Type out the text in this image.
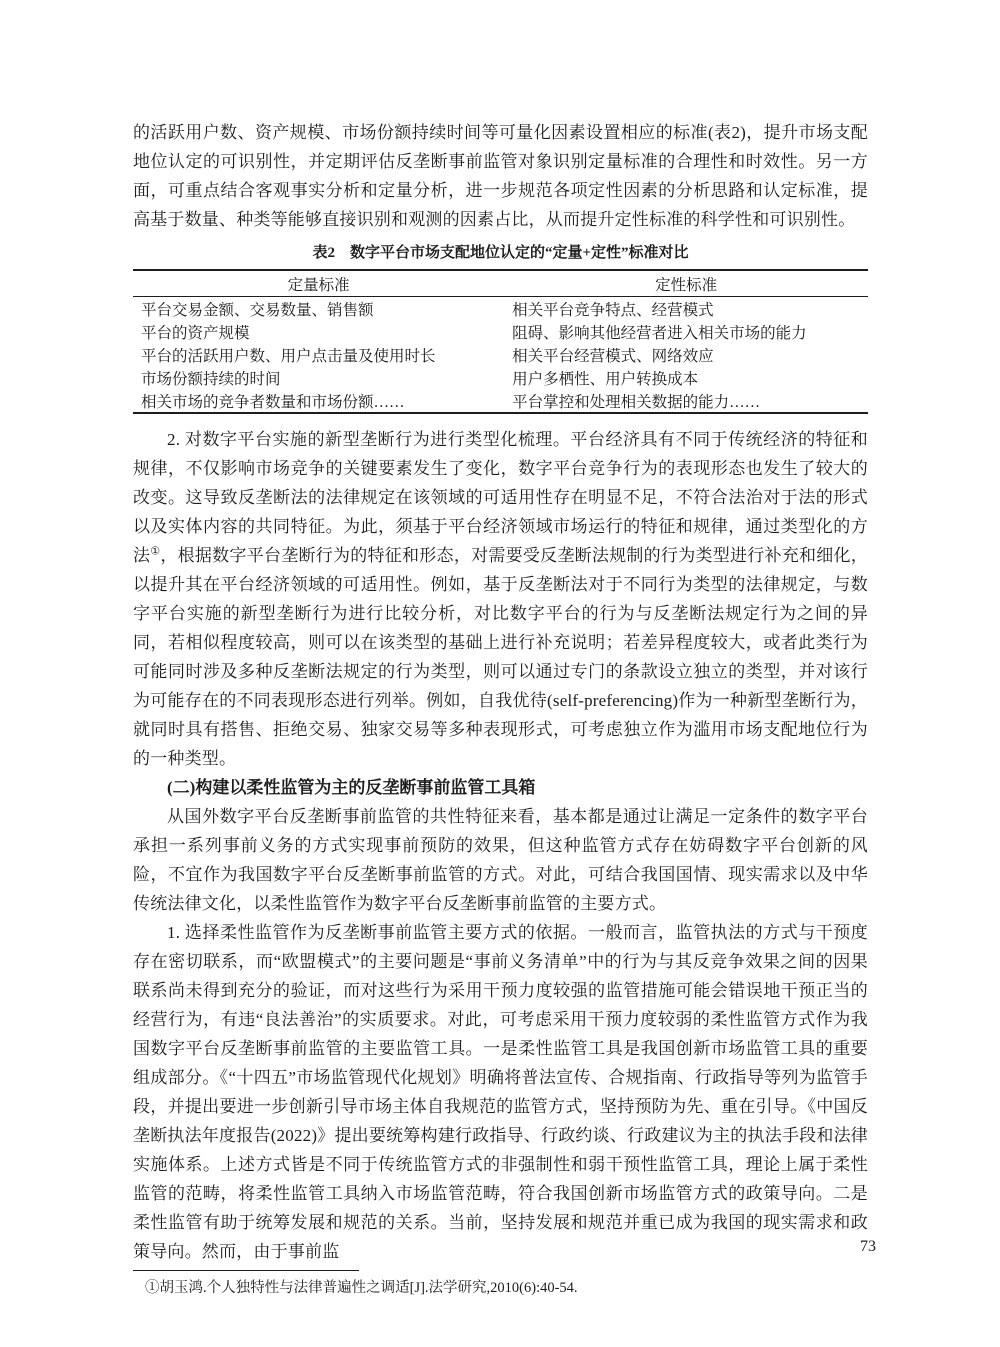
的活跃用户数、资产规模、市场份额持续时间等可量化因素设置相应的标准(表2)，提升市场支配地位认定的可识别性，并定期评估反垄断事前监管对象识别定量标准的合理性和时效性。另一方面，可重点结合客观事实分析和定量分析，进一步规范各项定性因素的分析思路和认定标准，提高基于数量、种类等能够直接识别和观测的因素占比，从而提升定性标准的科学性和可识别性。

表2　数字平台市场支配地位认定的“定量+定性”标准对比
定量标准	定性标准
平台交易金额、交易数量、销售额	相关平台竞争特点、经营模式
平台的资产规模	阻碍、影响其他经营者进入相关市场的能力
平台的活跃用户数、用户点击量及使用时长	相关平台经营模式、网络效应
市场份额持续的时间	用户多栖性、用户转换成本
相关市场的竞争者数量和市场份额……	平台掌控和处理相关数据的能力……

2. 对数字平台实施的新型垄断行为进行类型化梳理。平台经济具有不同于传统经济的特征和规律，不仅影响市场竞争的关键要素发生了变化，数字平台竞争行为的表现形态也发生了较大的改变。这导致反垄断法的法律规定在该领域的可适用性存在明显不足，不符合法治对于法的形式以及实体内容的共同特征。为此，须基于平台经济领域市场运行的特征和规律，通过类型化的方法①，根据数字平台垄断行为的特征和形态，对需要受反垄断法规制的行为类型进行补充和细化，以提升其在平台经济领域的可适用性。例如，基于反垄断法对于不同行为类型的法律规定，与数字平台实施的新型垄断行为进行比较分析，对比数字平台的行为与反垄断法规定行为之间的异同，若相似程度较高，则可以在该类型的基础上进行补充说明；若差异程度较大，或者此类行为可能同时涉及多种反垄断法规定的行为类型，则可以通过专门的条款设立独立的类型，并对该行为可能存在的不同表现形态进行列举。例如，自我优待(self-preferencing)作为一种新型垄断行为，就同时具有搭售、拒绝交易、独家交易等多种表现形式，可考虑独立作为滥用市场支配地位行为的一种类型。

(二)构建以柔性监管为主的反垄断事前监管工具箱

从国外数字平台反垄断事前监管的共性特征来看，基本都是通过让满足一定条件的数字平台承担一系列事前义务的方式实现事前预防的效果，但这种监管方式存在妨碍数字平台创新的风险，不宜作为我国数字平台反垄断事前监管的方式。对此，可结合我国国情、现实需求以及中华传统法律文化，以柔性监管作为数字平台反垄断事前监管的主要方式。

1. 选择柔性监管作为反垄断事前监管主要方式的依据。一般而言，监管执法的方式与干预度存在密切联系，而“欧盟模式”的主要问题是“事前义务清单”中的行为与其反竞争效果之间的因果联系尚未得到充分的验证，而对这些行为采用干预力度较强的监管措施可能会错误地干预正当的经营行为，有违“良法善治”的实质要求。对此，可考虑采用干预力度较弱的柔性监管方式作为我国数字平台反垄断事前监管的主要监管工具。一是柔性监管工具是我国创新市场监管工具的重要组成部分。《“十四五”市场监管现代化规划》明确将普法宣传、合规指南、行政指导等列为监管手段，并提出要进一步创新引导市场主体自我规范的监管方式，坚持预防为先、重在引导。《中国反垄断执法年度报告(2022)》提出要统筹构建行政指导、行政约谈、行政建议为主的执法手段和法律实施体系。上述方式皆是不同于传统监管方式的非强制性和弱干预性监管工具，理论上属于柔性监管的范畴，将柔性监管工具纳入市场监管范畴，符合我国创新市场监管方式的政策导向。二是柔性监管有助于统筹发展和规范的关系。当前，坚持发展和规范并重已成为我国的现实需求和政策导向。然而，由于事前监

①胡玉鸿.个人独特性与法律普遍性之调适[J].法学研究,2010(6):40-54.

73
